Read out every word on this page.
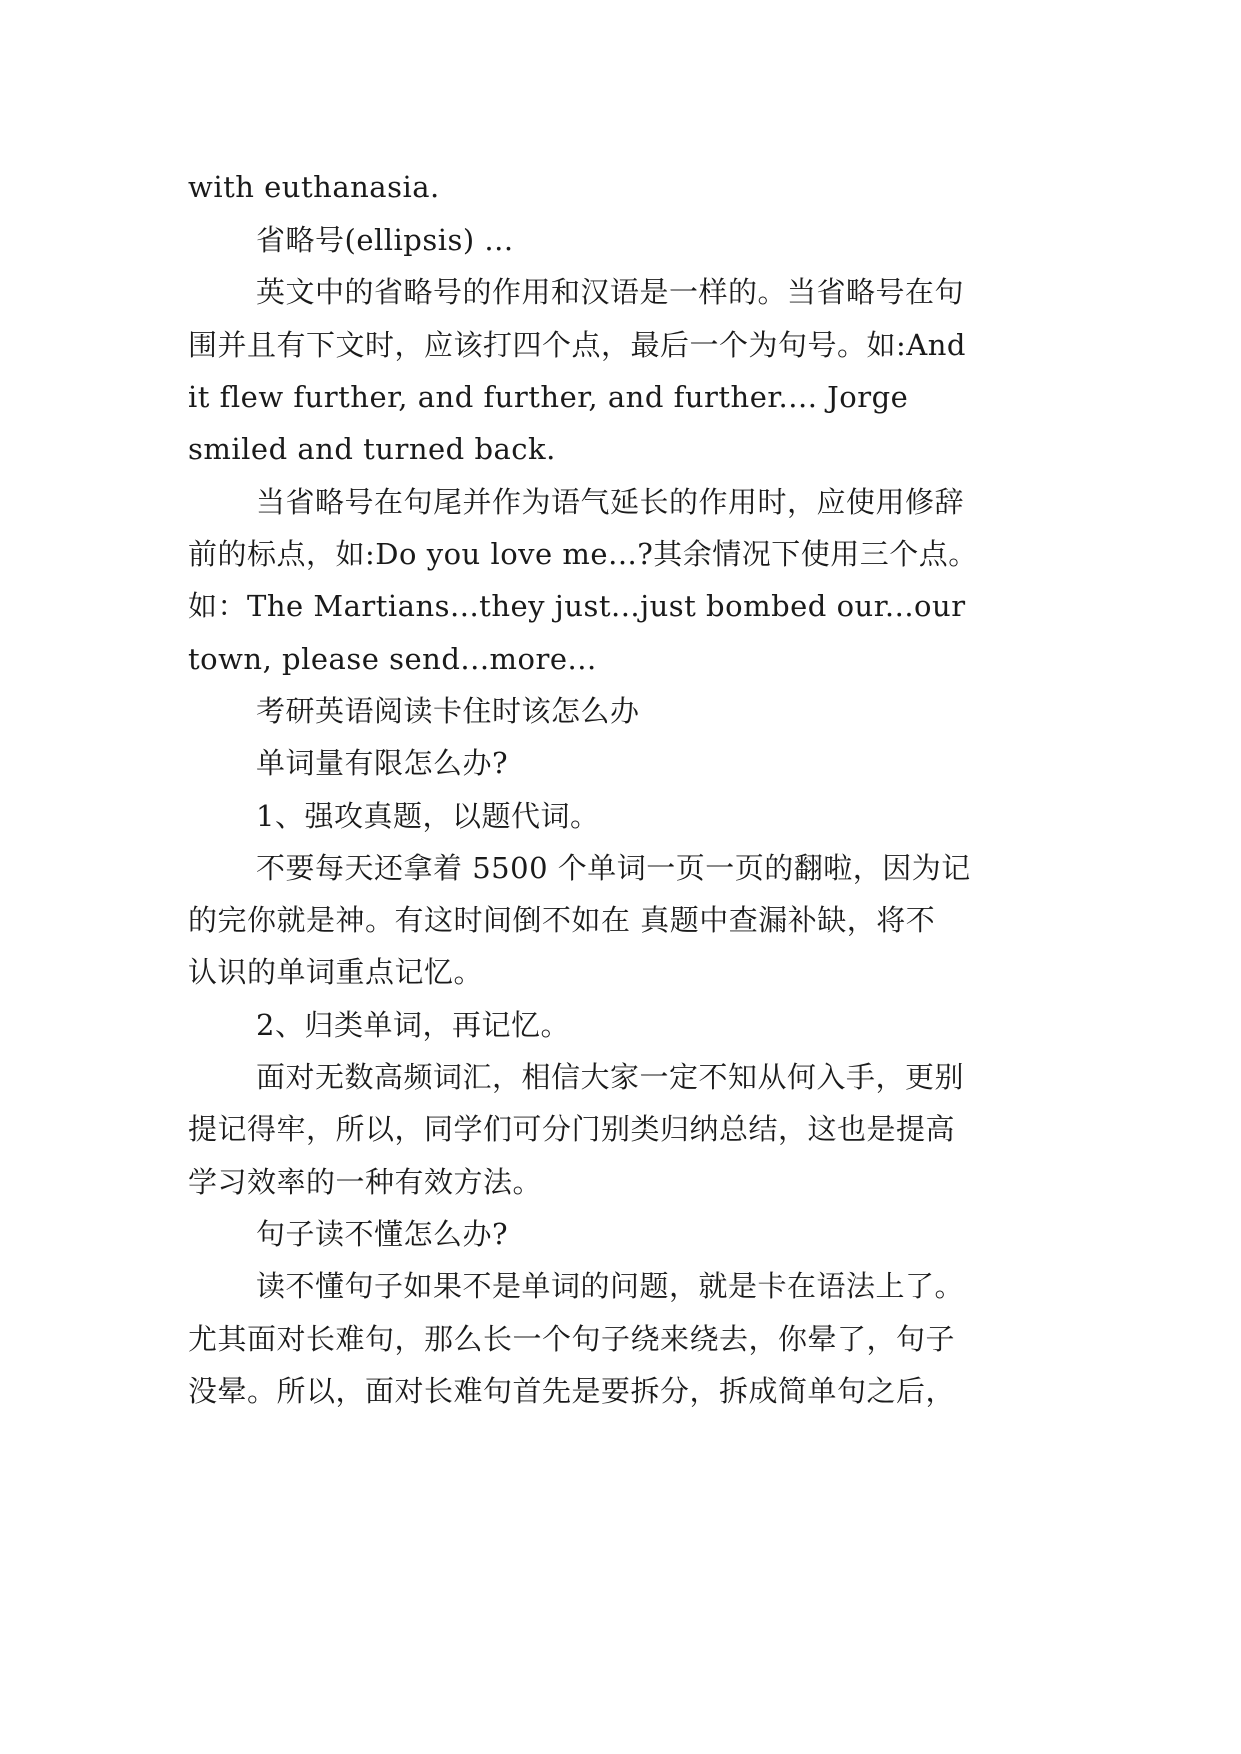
with euthanasia.
省略号(ellipsis) ...
英文中的省略号的作用和汉语是一样的。当省略号在句
围并且有下文时，应该打四个点，最后一个为句号。如:And
it flew further, and further, and further.... Jorge
smiled and turned back.
当省略号在句尾并作为语气延长的作用时，应使用修辞
前的标点，如:Do you love me...?其余情况下使用三个点。
如：The Martians...they just...just bombed our...our
town, please send...more...
考研英语阅读卡住时该怎么办
单词量有限怎么办?
1、强攻真题，以题代词。
不要每天还拿着 5500 个单词一页一页的翻啦，因为记
的完你就是神。有这时间倒不如在 真题中查漏补缺，将不
认识的单词重点记忆。
2、归类单词，再记忆。
面对无数高频词汇，相信大家一定不知从何入手，更别
提记得牢，所以，同学们可分门别类归纳总结，这也是提高
学习效率的一种有效方法。
句子读不懂怎么办?
读不懂句子如果不是单词的问题，就是卡在语法上了。
尤其面对长难句，那么长一个句子绕来绕去，你晕了，句子
没晕。所以，面对长难句首先是要拆分，拆成简单句之后，
